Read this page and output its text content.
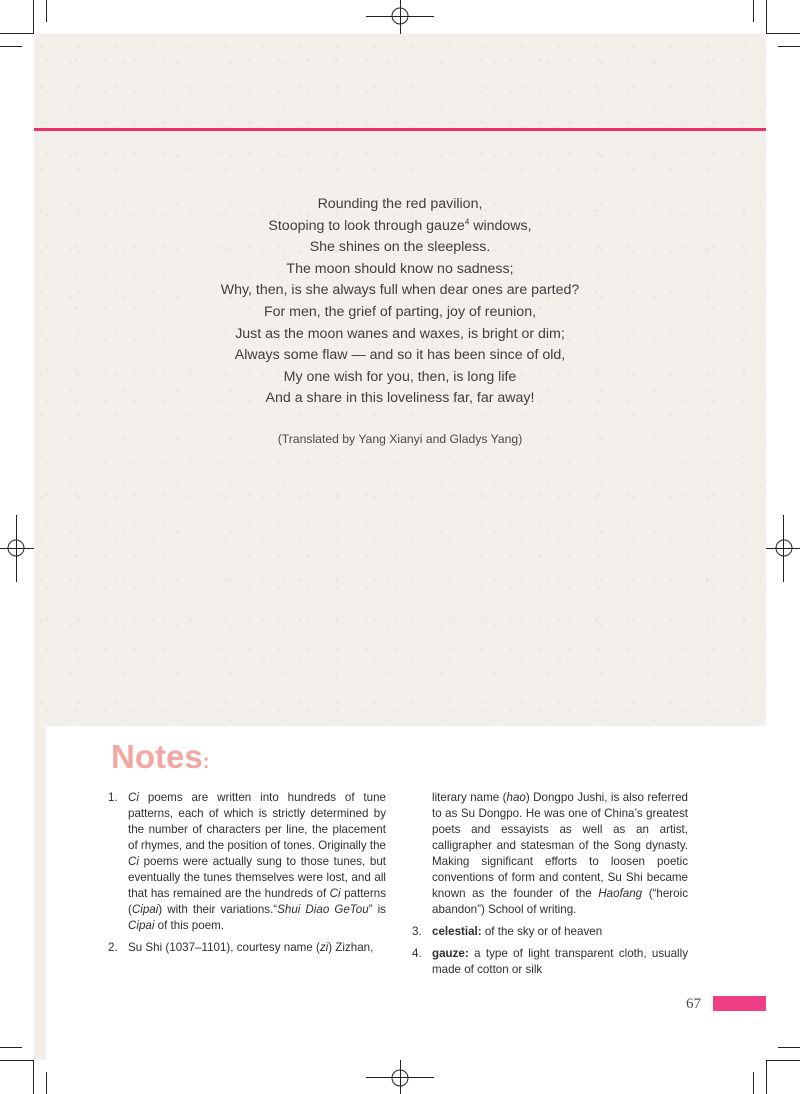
Rounding the red pavilion,
Stooping to look through gauze$^4$ windows,
She shines on the sleepless.
The moon should know no sadness;
Why, then, is she always full when dear ones are parted?
For men, the grief of parting, joy of reunion,
Just as the moon wanes and waxes, is bright or dim;
Always some flaw — and so it has been since of old,
My one wish for you, then, is long life
And a share in this loveliness far, far away!
(Translated by Yang Xianyi and Gladys Yang)
Notes:
1. Ci poems are written into hundreds of tune patterns, each of which is strictly determined by the number of characters per line, the placement of rhymes, and the position of tones. Originally the Ci poems were actually sung to those tunes, but eventually the tunes themselves were lost, and all that has remained are the hundreds of Ci patterns (Cipai) with their variations.“Shui Diao GeTou” is Cipai of this poem.
2. Su Shi (1037–1101), courtesy name (zi) Zizhan,
literary name (hao) Dongpo Jushi, is also referred to as Su Dongpo. He was one of China’s greatest poets and essayists as well as an artist, calligrapher and statesman of the Song dynasty. Making significant efforts to loosen poetic conventions of form and content, Su Shi became known as the founder of the Haofang (“heroic abandon”) School of writing.
3. celestial: of the sky or of heaven
4. gauze: a type of light transparent cloth, usually made of cotton or silk
67
